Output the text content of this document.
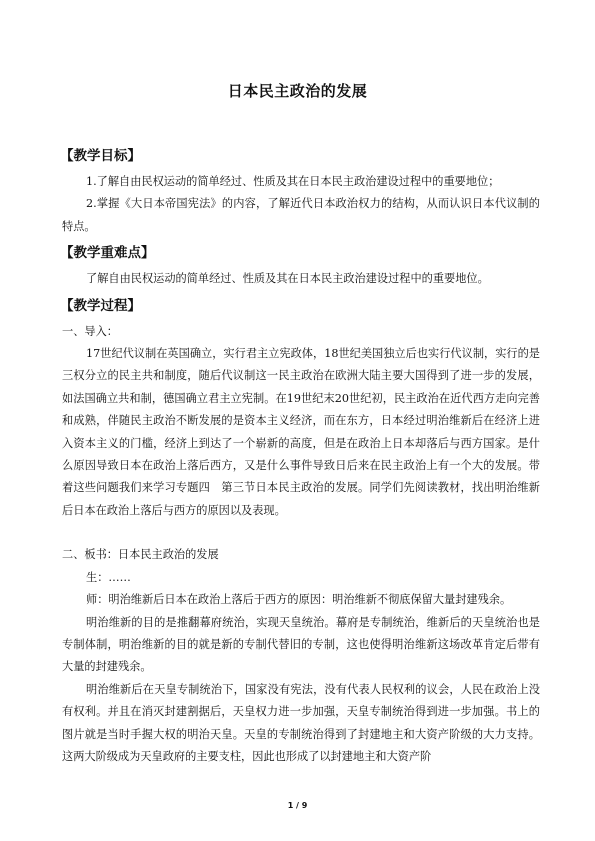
日本民主政治的发展
【教学目标】

1.了解自由民权运动的简单经过、性质及其在日本民主政治建设过程中的重要地位；

2.掌握《大日本帝国宪法》的内容，了解近代日本政治权力的结构，从而认识日本代议制的特点。

【教学重难点】

了解自由民权运动的简单经过、性质及其在日本民主政治建设过程中的重要地位。

【教学过程】

一、导入：

17世纪代议制在英国确立，实行君主立宪政体，18世纪美国独立后也实行代议制，实行的是三权分立的民主共和制度，随后代议制这一民主政治在欧洲大陆主要大国得到了进一步的发展，如法国确立共和制，德国确立君主立宪制。在19世纪末20世纪初，民主政治在近代西方走向完善和成熟，伴随民主政治不断发展的是资本主义经济，而在东方，日本经过明治维新后在经济上进入资本主义的门槛，经济上到达了一个崭新的高度，但是在政治上日本却落后与西方国家。是什么原因导致日本在政治上落后西方，又是什么事件导致日后来在民主政治上有一个大的发展。带着这些问题我们来学习专题四　第三节日本民主政治的发展。同学们先阅读教材，找出明治维新后日本在政治上落后与西方的原因以及表现。

二、板书：日本民主政治的发展

生：……

师：明治维新后日本在政治上落后于西方的原因：明治维新不彻底保留大量封建残余。

明治维新的目的是推翻幕府统治，实现天皇统治。幕府是专制统治，维新后的天皇统治也是专制体制，明治维新的目的就是新的专制代替旧的专制，这也使得明治维新这场改革肯定后带有大量的封建残余。

明治维新后在天皇专制统治下，国家没有宪法，没有代表人民权利的议会，人民在政治上没有权利。并且在消灭封建割据后，天皇权力进一步加强，天皇专制统治得到进一步加强。书上的图片就是当时手握大权的明治天皇。天皇的专制统治得到了封建地主和大资产阶级的大力支持。这两大阶级成为天皇政府的主要支柱，因此也形成了以封建地主和大资产阶

1 / 9
